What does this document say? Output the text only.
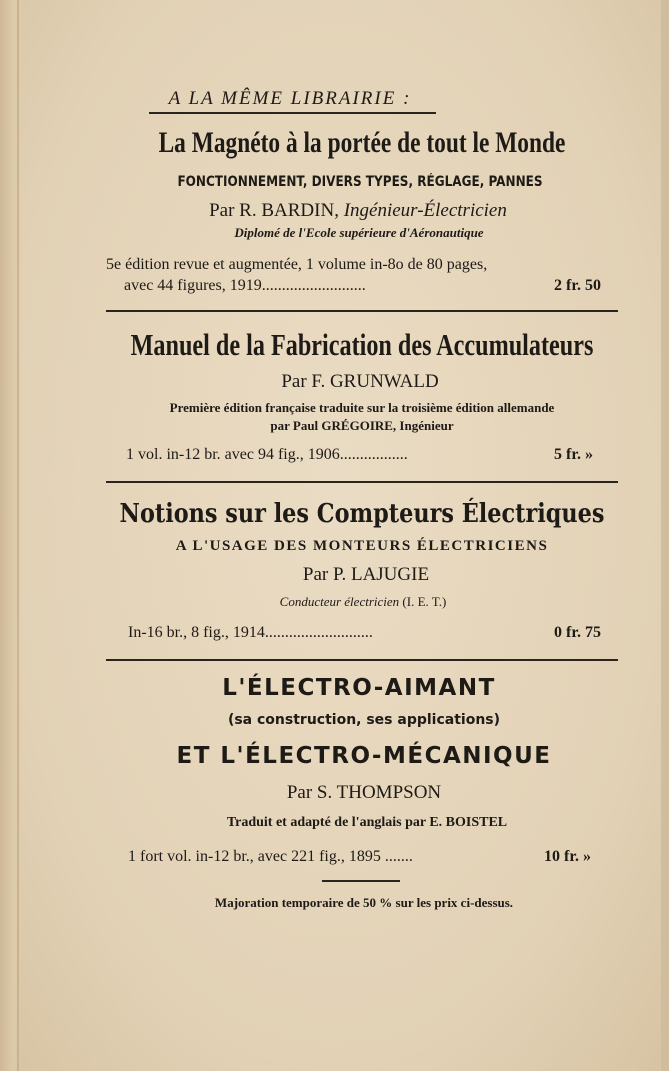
A LA MÊME LIBRAIRIE :
La Magnéto à la portée de tout le Monde
FONCTIONNEMENT, DIVERS TYPES, RÉGLAGE, PANNES
Par R. BARDIN, Ingénieur-Électricien
Diplomé de l'Ecole supérieure d'Aéronautique
5e édition revue et augmentée, 1 volume in-8o de 80 pages,
avec 44 figures, 1919..........................	2 fr. 50
Manuel de la Fabrication des Accumulateurs
Par F. GRUNWALD
Première édition française traduite sur la troisième édition allemande
par Paul GRÉGOIRE, Ingénieur
1 vol. in-12 br. avec 94 fig., 1906.................	5 fr. »
Notions sur les Compteurs Électriques
A L'USAGE DES MONTEURS ÉLECTRICIENS
Par P. LAJUGIE
Conducteur électricien (I. E. T.)
In-16 br., 8 fig., 1914...........................	0 fr. 75
L'ÉLECTRO-AIMANT
(sa construction, ses applications)
ET L'ÉLECTRO-MÉCANIQUE
Par S. THOMPSON
Traduit et adapté de l'anglais par E. BOISTEL
1 fort vol. in-12 br., avec 221 fig., 1895 .......	10 fr. »
Majoration temporaire de 50 % sur les prix ci-dessus.
